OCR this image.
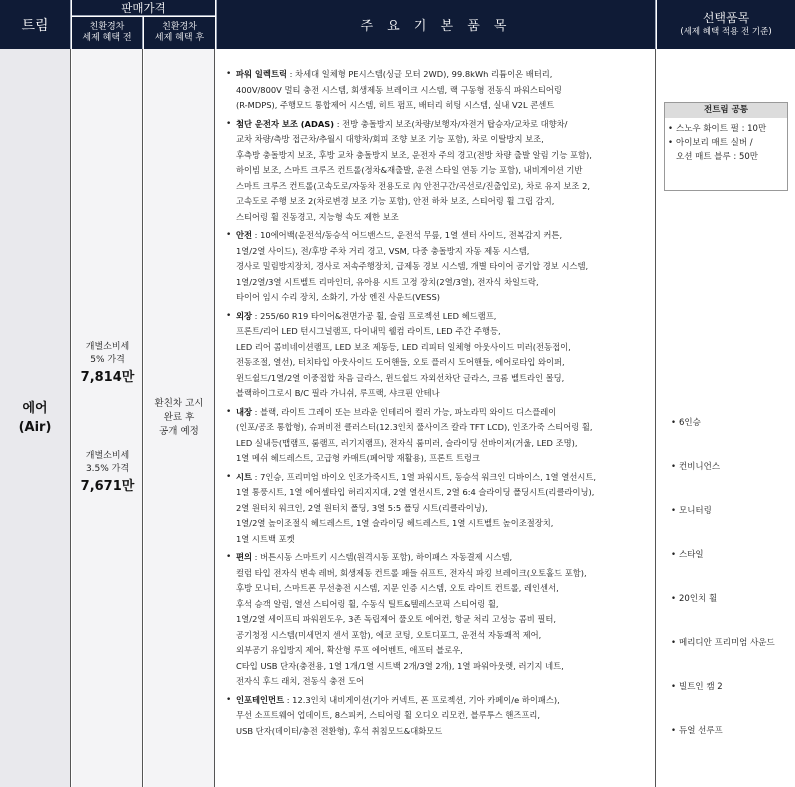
트림
판매가격
친환경차
세제 혜택 전
친환경차
세제 혜택 후
주 요 기 본 품 목
선택품목
(세제 혜택 적용 전 기준)
에어
(Air)
개별소비세
5% 가격
7,814만
개별소비세
3.5% 가격
7,671만
환친차 고시
완료 후
공개 예정
• 파워 일렉트릭 : 차세대 일체형 PE시스템(싱글 모터 2WD), 99.8kWh 리튬이온 배터리,
400V/800V 멀티 충전 시스템, 회생제동 브레이크 시스템, 랙 구동형 전동식 파워스티어링
(R-MDPS), 주행모드 통합제어 시스템, 히트 펌프, 배터리 히팅 시스템, 실내 V2L 콘센트
• 첨단 운전자 보조 (ADAS) : 전방 충돌방지 보조(차량/보행자/자전거 탑승자/교차로 대향차/
교차 차량/측방 접근차/추월시 대향차/회피 조향 보조 기능 포함), 차로 이탈방지 보조,
후측방 충돌방지 보조, 후방 교차 충돌방지 보조, 운전자 주의 경고(전방 차량 출발 알림 기능 포함),
하이빔 보조, 스마트 크루즈 컨트롤(정차&재출발, 운전 스타일 연동 기능 포함), 내비게이션 기반
스마트 크루즈 컨트롤(고속도로/자동차 전용도로 內 안전구간/곡선로/진출입로), 차로 유지 보조 2,
고속도로 주행 보조 2(차로변경 보조 기능 포함), 안전 하차 보조, 스티어링 휠 그립 감지,
스티어링 휠 진동경고, 지능형 속도 제한 보조
• 안전 : 10에어백(운전석/동승석 어드밴스드, 운전석 무릎, 1열 센터 사이드, 전복감지 커튼,
1열/2열 사이드), 전/후방 주차 거리 경고, VSM, 다중 충돌방지 자동 제동 시스템,
경사로 밀림방지장치, 경사로 저속주행장치, 급제동 경보 시스템, 개별 타이어 공기압 경보 시스템,
1열/2열/3열 시트벨트 리마인더, 유아용 시트 고정 장치(2열/3열), 전자식 차일드락,
타이어 임시 수리 장치, 소화기, 가상 엔진 사운드(VESS)
• 외장 : 255/60 R19 타이어&전면가공 휠, 슬림 프로젝션 LED 헤드램프,
프론트/리어 LED 턴시그널램프, 다이내믹 웰컴 라이트, LED 주간 주행등,
LED 리어 콤비네이션램프, LED 보조 제동등, LED 리피터 일체형 아웃사이드 미러(전동접이,
전동조절, 열선), 터치타입 아웃사이드 도어핸들, 오토 플러시 도어핸들, 에어로타입 와이퍼,
윈드쉴드/1열/2열 이중접합 차음 글라스, 윈드쉴드 자외선차단 글라스, 크롬 벨트라인 몰딩,
블랙하이그로시 B/C 필라 가니쉬, 루프랙, 샤크핀 안테나
• 내장 : 블랙, 라이트 그레이 또는 브라운 인테리어 컬러 가능, 파노라믹 와이드 디스플레이
(인포/공조 통합형), 슈퍼비전 클러스터(12.3인치 풀사이즈 칼라 TFT LCD), 인조가죽 스티어링 휠,
LED 실내등(맵램프, 룸램프, 러기지램프), 전자식 룸미러, 슬라이딩 선바이저(거울, LED 조명),
1열 메쉬 헤드레스트, 고급형 카매트(페어망 재활용), 프론트 트렁크
• 시트 : 7인승, 프리미엄 바이오 인조가죽시트, 1열 파워시트, 동승석 워크인 디바이스, 1열 열선시트,
1열 통풍시트, 1열 에어셀타입 허리지지대, 2열 열선시트, 2열 6:4 슬라이딩 폴딩시트(리클라이닝),
2열 원터치 워크인, 2열 원터치 폴딩, 3열 5:5 폴딩 시트(리클라이닝),
1열/2열 높이조절식 헤드레스트, 1열 슬라이딩 헤드레스트, 1열 시트벨트 높이조절장치,
1열 시트백 포켓
• 편의 : 버튼시동 스마트키 시스템(원격시동 포함), 하이패스 자동결제 시스템,
컬럼 타입 전자식 변속 레버, 회생제동 컨트롤 패들 쉬프트, 전자식 파킹 브레이크(오토홀드 포함),
후방 모니터, 스마트폰 무선충전 시스템, 지문 인증 시스템, 오토 라이트 컨트롤, 레인센서,
후석 승객 알림, 열선 스티어링 휠, 수동식 틸트&텔레스코픽 스티어링 휠,
1열/2열 세이프티 파워윈도우, 3존 독립제어 풀오토 에어컨, 항균 처리 고성능 콤비 필터,
공기청정 시스템(미세먼지 센서 포함), 에코 코팅, 오토디포그, 운전석 자동쾌적 제어,
외부공기 유입방지 제어, 확산형 루프 에어벤트, 애프터 블로우,
C타입 USB 단자(충전용, 1열 1개/1열 시트백 2개/3열 2개), 1열 파워아웃렛, 러기지 네트,
전자식 후드 래치, 전동식 충전 도어
• 인포테인먼트 : 12.3인치 내비게이션(기아 커넥트, 폰 프로젝션, 기아 카페이/e 하이패스),
무선 소프트웨어 업데이트, 8스피커, 스티어링 휠 오디오 리모컨, 블루투스 핸즈프리,
USB 단자(데이터/충전 전환형), 후석 취침모드&대화모드
전트림 공통
• 스노우 화이트 펄 : 10만
• 아이보리 매트 실버 /
오션 매트 블루 : 50만
• 6인승
• 컨비니언스
• 모니터링
• 스타일
• 20인치 휠
• 메리디안 프리미엄 사운드
• 빌트인 캠 2
• 듀얼 선루프
